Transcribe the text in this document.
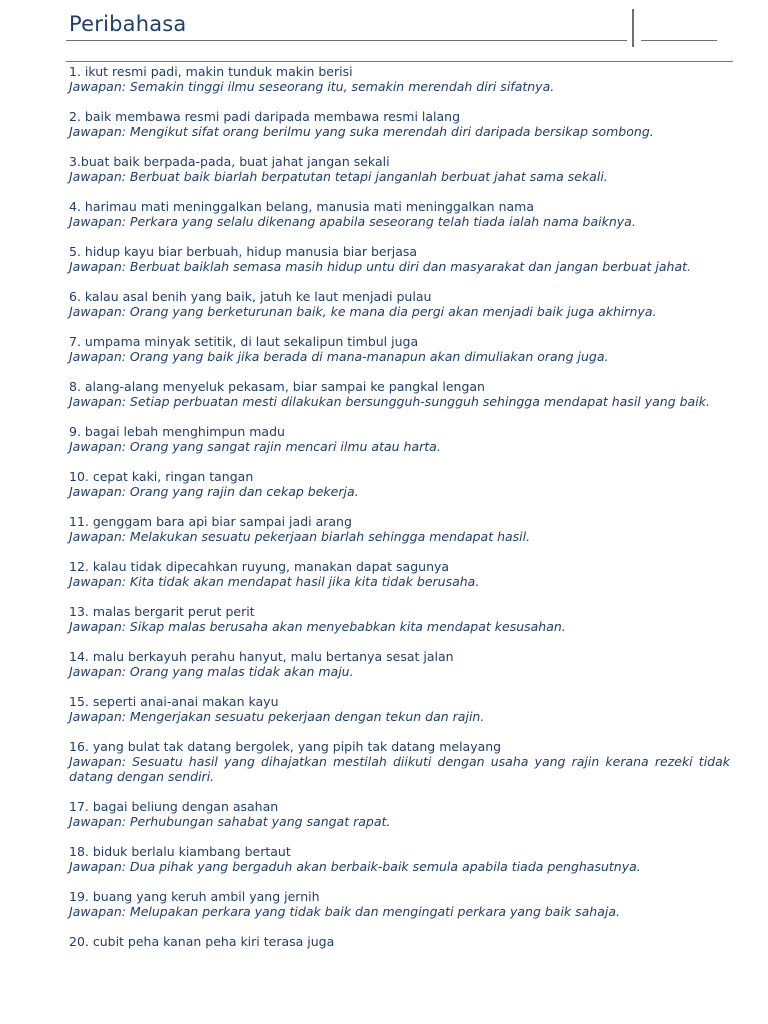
Peribahasa
1. ikut resmi padi, makin tunduk makin berisi
Jawapan: Semakin tinggi ilmu seseorang itu, semakin merendah diri sifatnya.
2. baik membawa resmi padi daripada membawa resmi lalang
Jawapan: Mengikut sifat orang berilmu yang suka merendah diri daripada bersikap sombong.
3.buat baik berpada-pada, buat jahat jangan sekali
Jawapan: Berbuat baik biarlah berpatutan tetapi janganlah berbuat jahat sama sekali.
4. harimau mati meninggalkan belang, manusia mati meninggalkan nama
Jawapan: Perkara yang selalu dikenang apabila seseorang telah tiada ialah nama baiknya.
5. hidup kayu biar berbuah, hidup manusia biar berjasa
Jawapan: Berbuat baiklah semasa masih hidup untu diri dan masyarakat dan jangan berbuat jahat.
6. kalau asal benih yang baik, jatuh ke laut menjadi pulau
Jawapan: Orang yang berketurunan baik, ke mana dia pergi akan menjadi baik juga akhirnya.
7. umpama minyak setitik, di laut sekalipun timbul juga
Jawapan: Orang yang baik jika berada di mana-manapun akan dimuliakan orang juga.
8. alang-alang menyeluk pekasam, biar sampai ke pangkal lengan
Jawapan: Setiap perbuatan mesti dilakukan bersungguh-sungguh sehingga mendapat hasil yang baik.
9. bagai lebah menghimpun madu
Jawapan: Orang yang sangat rajin mencari ilmu atau harta.
10. cepat kaki, ringan tangan
Jawapan: Orang yang rajin dan cekap bekerja.
11. genggam bara api biar sampai jadi arang
Jawapan: Melakukan sesuatu pekerjaan biarlah sehingga mendapat hasil.
12. kalau tidak dipecahkan ruyung, manakan dapat sagunya
Jawapan: Kita tidak akan mendapat hasil jika kita tidak berusaha.
13. malas bergarit perut perit
Jawapan: Sikap malas berusaha akan menyebabkan kita mendapat kesusahan.
14. malu berkayuh perahu hanyut, malu bertanya sesat jalan
Jawapan: Orang yang malas tidak akan maju.
15. seperti anai-anai makan kayu
Jawapan: Mengerjakan sesuatu pekerjaan dengan tekun dan rajin.
16. yang bulat tak datang bergolek, yang pipih tak datang melayang
Jawapan: Sesuatu hasil yang dihajatkan mestilah diikuti dengan usaha yang rajin kerana rezeki tidak datang dengan sendiri.
17. bagai beliung dengan asahan
Jawapan: Perhubungan sahabat yang sangat rapat.
18. biduk berlalu kiambang bertaut
Jawapan: Dua pihak yang bergaduh akan berbaik-baik semula apabila tiada penghasutnya.
19. buang yang keruh ambil yang jernih
Jawapan: Melupakan perkara yang tidak baik dan mengingati perkara yang baik sahaja.
20. cubit peha kanan peha kiri terasa juga
